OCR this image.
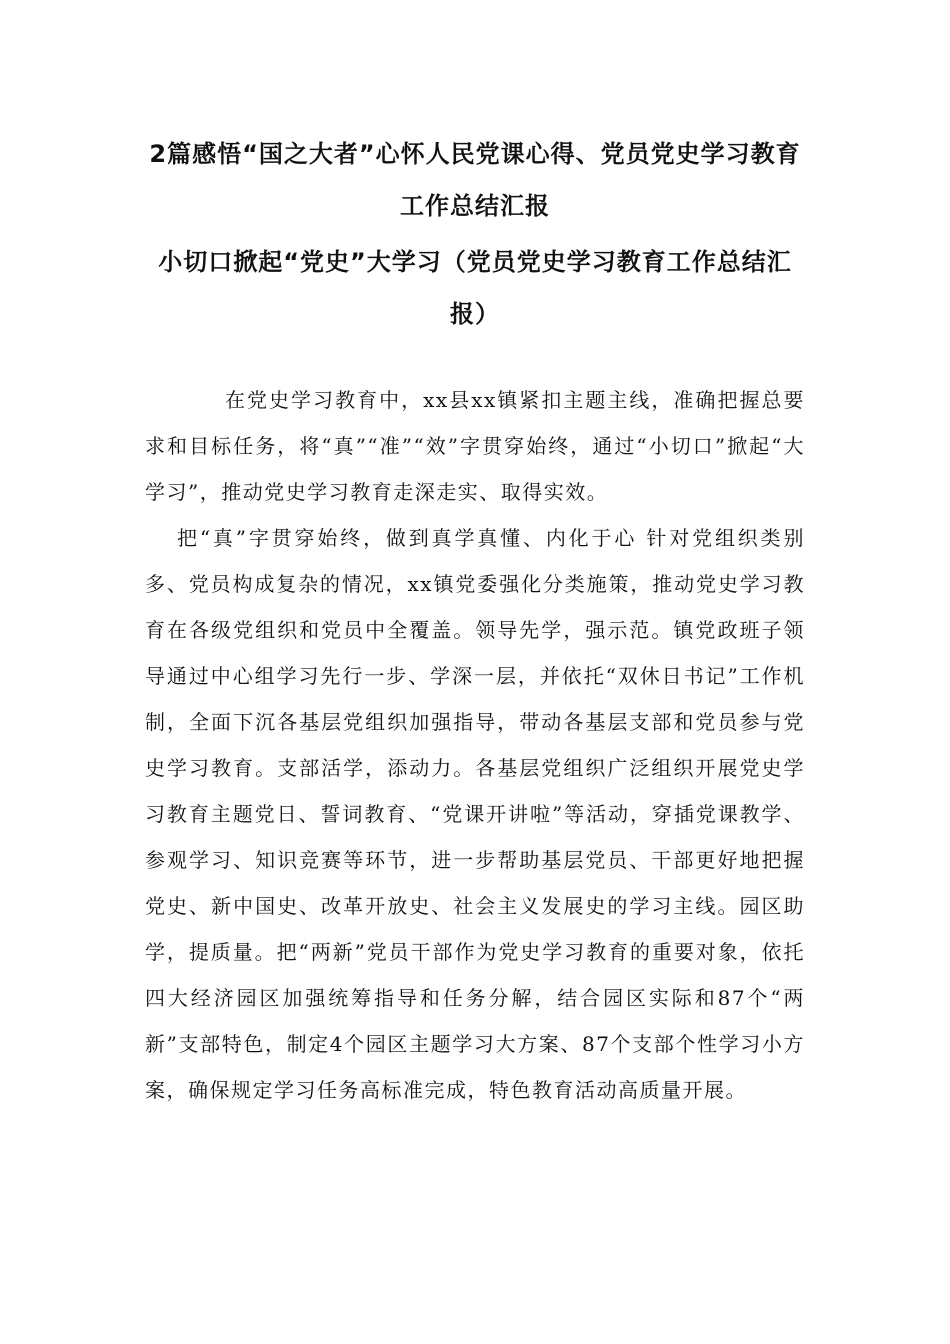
2篇感悟“国之大者”心怀人民党课心得、党员党史学习教育工作总结汇报
小切口掀起“党史”大学习（党员党史学习教育工作总结汇报）

在党史学习教育中，xx县xx镇紧扣主题主线，准确把握总要求和目标任务，将“真”“准”“效”字贯穿始终，通过“小切口”掀起“大学习”，推动党史学习教育走深走实、取得实效。

把“真”字贯穿始终，做到真学真懂、内化于心 针对党组织类别多、党员构成复杂的情况，xx镇党委强化分类施策，推动党史学习教育在各级党组织和党员中全覆盖。领导先学，强示范。镇党政班子领导通过中心组学习先行一步、学深一层，并依托“双休日书记”工作机制，全面下沉各基层党组织加强指导，带动各基层支部和党员参与党史学习教育。支部活学，添动力。各基层党组织广泛组织开展党史学习教育主题党日、誓词教育、“党课开讲啦”等活动，穿插党课教学、参观学习、知识竞赛等环节，进一步帮助基层党员、干部更好地把握党史、新中国史、改革开放史、社会主义发展史的学习主线。园区助学，提质量。把“两新”党员干部作为党史学习教育的重要对象，依托四大经济园区加强统筹指导和任务分解，结合园区实际和87个“两新”支部特色，制定4个园区主题学习大方案、87个支部个性学习小方案，确保规定学习任务高标准完成，特色教育活动高质量开展。
